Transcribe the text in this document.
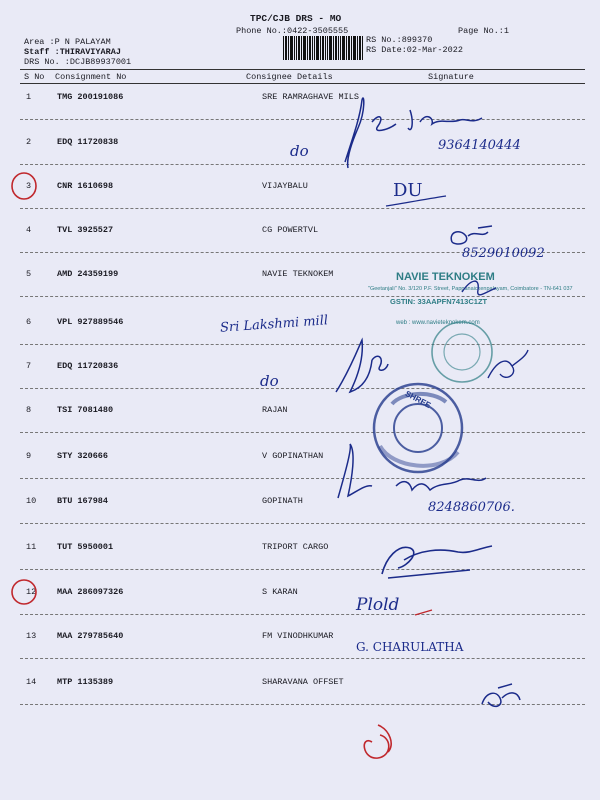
TPC/CJB DRS - MO
Phone No.:0422-3505555	Page No.:1
RS No.:899370
RS Date:02-Mar-2022
Area :P N PALAYAM
Staff :THIRAVIYARAJ
DRS No. :DCJB89937001
S No Consignment No	Consignee Details	Signature
1	TMG 200191086	SRE RAMRAGHAVE MILS
2	EDQ 11720838
3	CNR 1610698	VIJAYBALU
4	TVL 3925527	CG POWERTVL
5	AMD 24359199	NAVIE TEKNOKEM
6	VPL 927889546
7	EDQ 11720836
8	TSI 7081480	RAJAN
9	STY 320666	V GOPINATHAN
10 BTU 167984	GOPINATH
11 TUT 5950001	TRIPORT CARGO
12 MAA 286097326	S KARAN
13 MAA 279785640	FM VINODHKUMAR
14 MTP 1135389	SHARAVANA OFFSET
NAVIE TEKNOKEM
"Geetanjali" No. 3/120 P.F. Street, Pappanaickenpalayam, Coimbatore - TN-641 037
GSTIN: 33AAPFN7413C1ZT
web : www.navieteknokem.com
9364140444
do
DU
8529010092
Sri Lakshmi mill
do
8248860706.
Plold
G. CHARULATHA
SHREE
